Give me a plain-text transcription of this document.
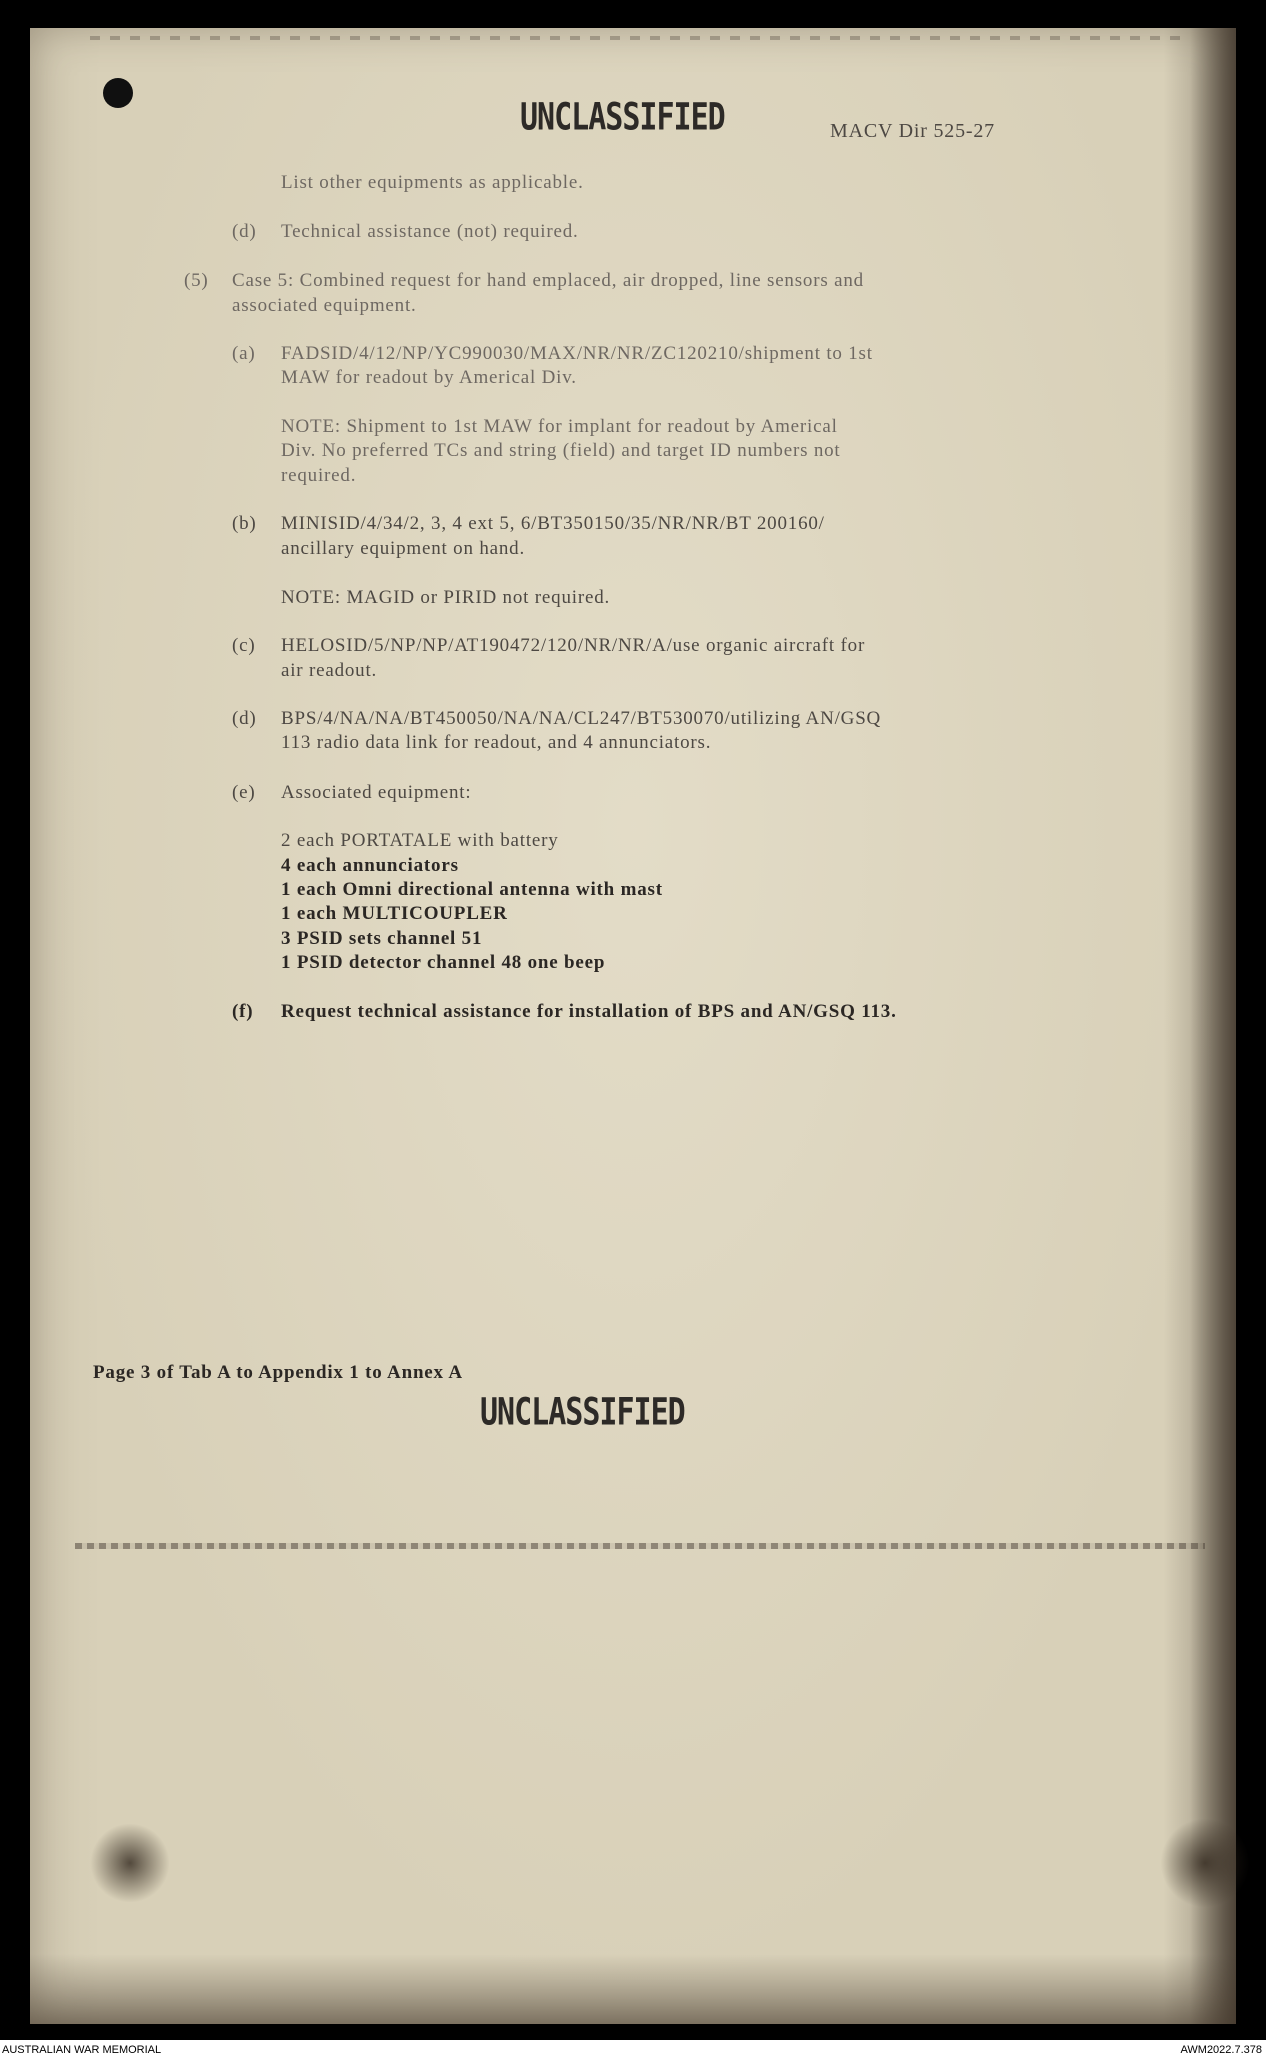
UNCLASSIFIED	MACV Dir 525-27
List other equipments as applicable.
(d) Technical assistance (not) required.
(5) Case 5: Combined request for hand emplaced, air dropped, line sensors and
associated equipment.
(a) FADSID/4/12/NP/YC990030/MAX/NR/NR/ZC120210/shipment to 1st
MAW for readout by Americal Div.
NOTE: Shipment to 1st MAW for implant for readout by Americal
Div. No preferred TCs and string (field) and target ID numbers not
required.
(b) MINISID/4/34/2, 3, 4 ext 5, 6/BT350150/35/NR/NR/BT 200160/
ancillary equipment on hand.
NOTE: MAGID or PIRID not required.
(c) HELOSID/5/NP/NP/AT190472/120/NR/NR/A/use organic aircraft for
air readout.
(d) BPS/4/NA/NA/BT450050/NA/NA/CL247/BT530070/utilizing AN/GSQ
113 radio data link for readout, and 4 annunciators.
(e) Associated equipment:
2 each PORTATALE with battery
4 each annunciators
1 each Omni directional antenna with mast
1 each MULTICOUPLER
3 PSID sets channel 51
1 PSID detector channel 48 one beep
(f) Request technical assistance for installation of BPS and AN/GSQ 113.
Page 3 of Tab A to Appendix 1 to Annex A
UNCLASSIFIED
AUSTRALIAN WAR MEMORIAL	AWM2022.7.378
